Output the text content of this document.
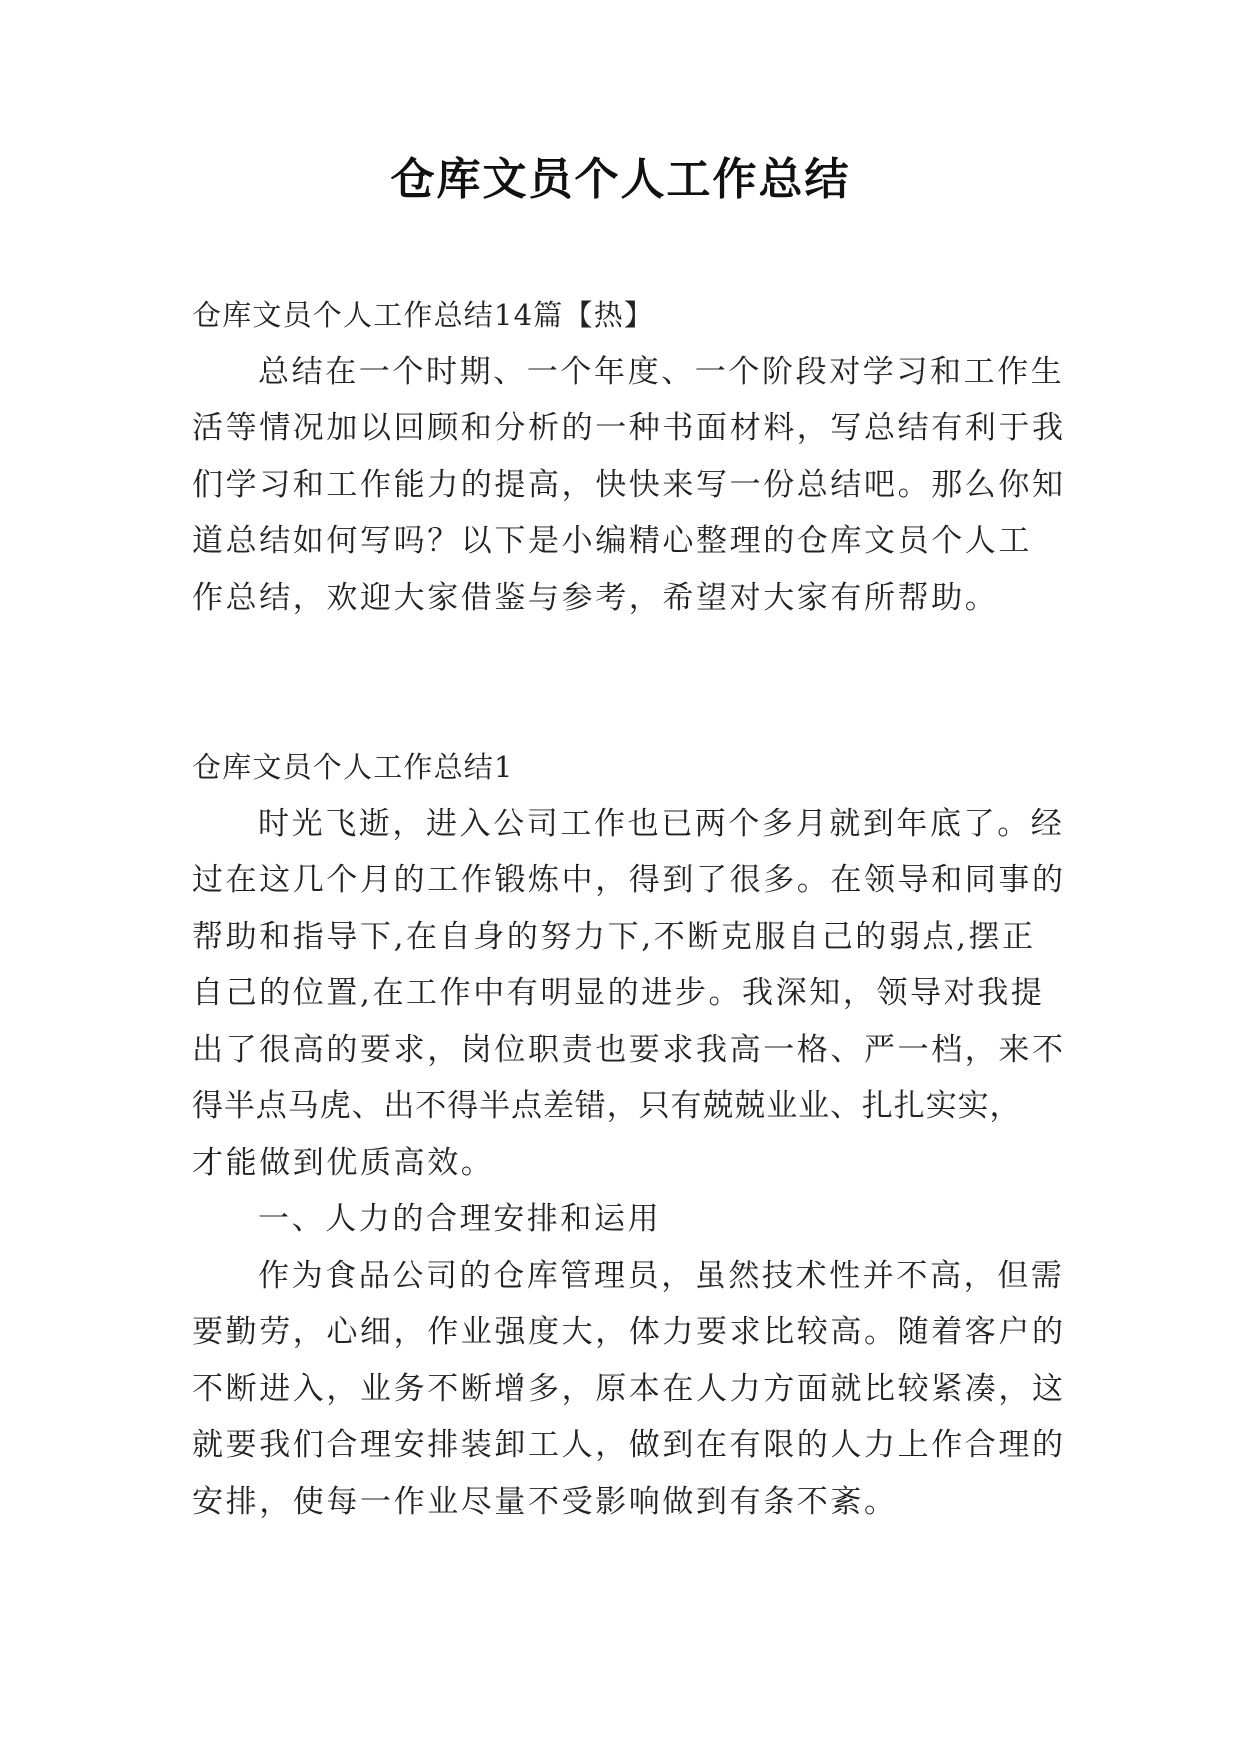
仓库文员个人工作总结

仓库文员个人工作总结14篇【热】

总结在一个时期、一个年度、一个阶段对学习和工作生

活等情况加以回顾和分析的一种书面材料，写总结有利于我

们学习和工作能力的提高，快快来写一份总结吧。那么你知

道总结如何写吗？以下是小编精心整理的仓库文员个人工

作总结，欢迎大家借鉴与参考，希望对大家有所帮助。

仓库文员个人工作总结1

时光飞逝，进入公司工作也已两个多月就到年底了。经

过在这几个月的工作锻炼中，得到了很多。在领导和同事的

帮助和指导下,在自身的努力下,不断克服自己的弱点,摆正

自己的位置,在工作中有明显的进步。我深知，领导对我提

出了很高的要求，岗位职责也要求我高一格、严一档，来不

得半点马虎、出不得半点差错，只有兢兢业业、扎扎实实，

才能做到优质高效。

一、人力的合理安排和运用

作为食品公司的仓库管理员，虽然技术性并不高，但需

要勤劳，心细，作业强度大，体力要求比较高。随着客户的

不断进入，业务不断增多，原本在人力方面就比较紧凑，这

就要我们合理安排装卸工人，做到在有限的人力上作合理的

安排，使每一作业尽量不受影响做到有条不紊。
